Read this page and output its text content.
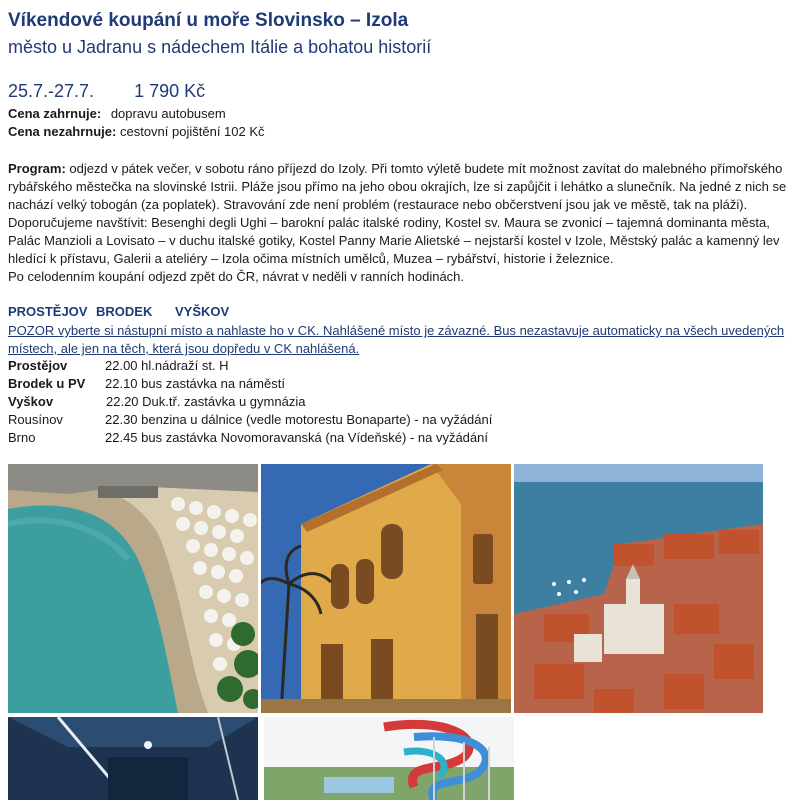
Víkendové koupání u moře Slovinsko – Izola
město u Jadranu s nádechem Itálie a bohatou historií
25.7.-27.7. 1 790 Kč
Cena zahrnuje: dopravu autobusem
Cena nezahrnuje: cestovní pojištění 102 Kč

Program: odjezd v pátek večer, v sobotu ráno příjezd do Izoly. Při tomto výletě budete mít možnost zavítat do malebného přímořského rybářského městečka na slovinské Istrii. Pláže jsou přímo na jeho obou okrajích, lze si zapůjčit i lehátko a slunečník. Na jedné z nich se nachází velký tobogán (za poplatek). Stravování zde není problém (restaurace nebo občerstvení jsou jak ve městě, tak na pláži). Doporučujeme navštívit: Besenghi degli Ughi – barokní palác italské rodiny, Kostel sv. Maura se zvonicí – tajemná dominanta města, Palác Manzioli a Lovisato – v duchu italské gotiky, Kostel Panny Marie Alietské – nejstarší kostel v Izole, Městský palác a kamenný lev hledící k přístavu, Galerii a ateliéry – Izola očima místních umělců, Muzea – rybářství, historie i železnice.

Po celodenním koupání odjezd zpět do ČR, návrat v neděli v ranních hodinách.

PROSTĚJOV BRODEK VYŠKOV
POZOR vyberte si nástupní místo a nahlaste ho v CK. Nahlášené místo je závazné. Bus nezastavuje automaticky na všech uvedených místech, ale jen na těch, která jsou dopředu v CK nahlášená.
Prostějov	22.00 hl.nádraží st. H
Brodek u PV 22.10 bus zastávka na náměstí
Vyškov	22.20 Duk.tř. zastávka u gymnázia
Rousínov	22.30 benzina u dálnice (vedle motorestu Bonaparte) - na vyžádání
Brno	22.45 bus zastávka Novomoravanská (na Vídeňské) - na vyžádání
